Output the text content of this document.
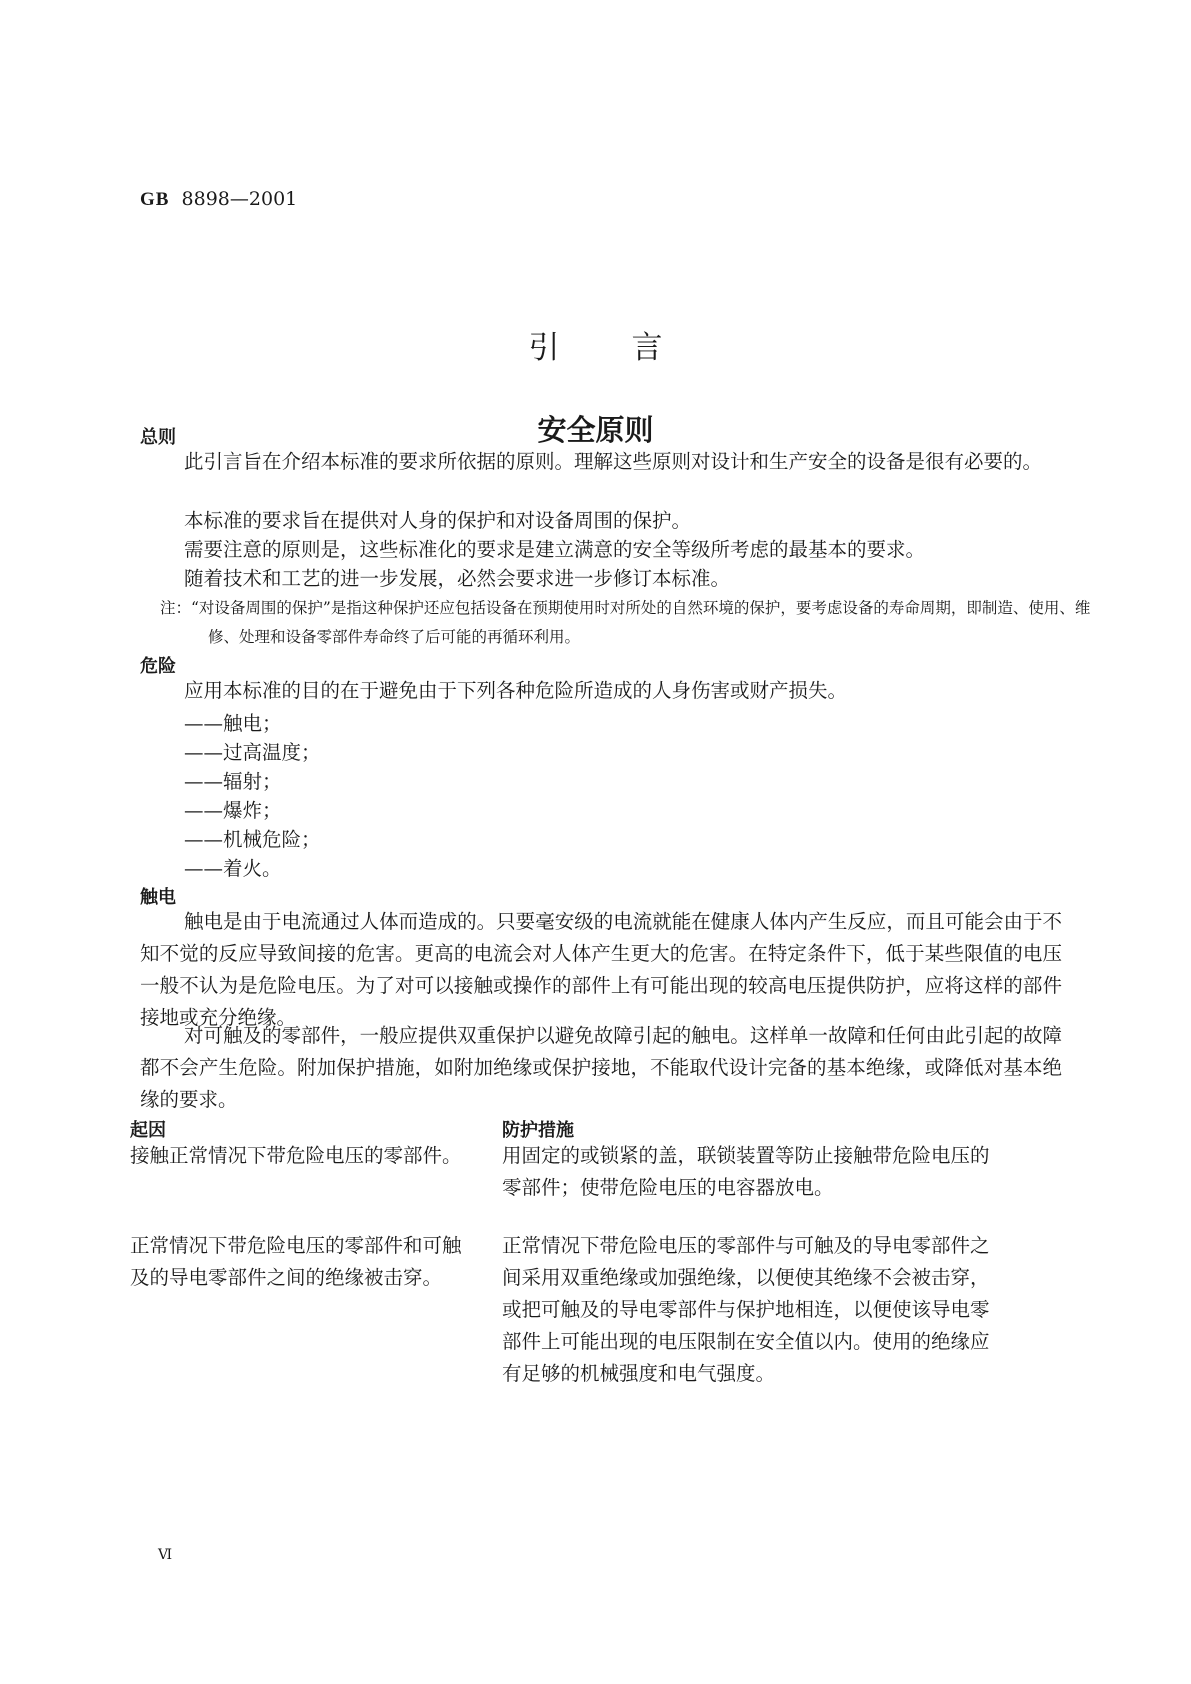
GB 8898—2001
引言
安全原则
总则
此引言旨在介绍本标准的要求所依据的原则。理解这些原则对设计和生产安全的设备是很有必要的。
本标准的要求旨在提供对人身的保护和对设备周围的保护。
需要注意的原则是，这些标准化的要求是建立满意的安全等级所考虑的最基本的要求。
随着技术和工艺的进一步发展，必然会要求进一步修订本标准。
注：“对设备周围的保护”是指这种保护还应包括设备在预期使用时对所处的自然环境的保护，要考虑设备的寿命周期，即制造、使用、维修、处理和设备零部件寿命终了后可能的再循环利用。
危险
应用本标准的目的在于避免由于下列各种危险所造成的人身伤害或财产损失。
——触电；
——过高温度；
——辐射；
——爆炸；
——机械危险；
——着火。
触电
触电是由于电流通过人体而造成的。只要毫安级的电流就能在健康人体内产生反应，而且可能会由于不知不觉的反应导致间接的危害。更高的电流会对人体产生更大的危害。在特定条件下，低于某些限值的电压一般不认为是危险电压。为了对可以接触或操作的部件上有可能出现的较高电压提供防护，应将这样的部件接地或充分绝缘。
对可触及的零部件，一般应提供双重保护以避免故障引起的触电。这样单一故障和任何由此引起的故障都不会产生危险。附加保护措施，如附加绝缘或保护接地，不能取代设计完备的基本绝缘，或降低对基本绝缘的要求。
起因	防护措施
接触正常情况下带危险电压的零部件。	用固定的或锁紧的盖，联锁装置等防止接触带危险电压的零部件；使带危险电压的电容器放电。
正常情况下带危险电压的零部件和可触及的导电零部件之间的绝缘被击穿。
正常情况下带危险电压的零部件与可触及的导电零部件之间采用双重绝缘或加强绝缘，以便使其绝缘不会被击穿，或把可触及的导电零部件与保护地相连，以便使该导电零部件上可能出现的电压限制在安全值以内。使用的绝缘应有足够的机械强度和电气强度。
Ⅵ
